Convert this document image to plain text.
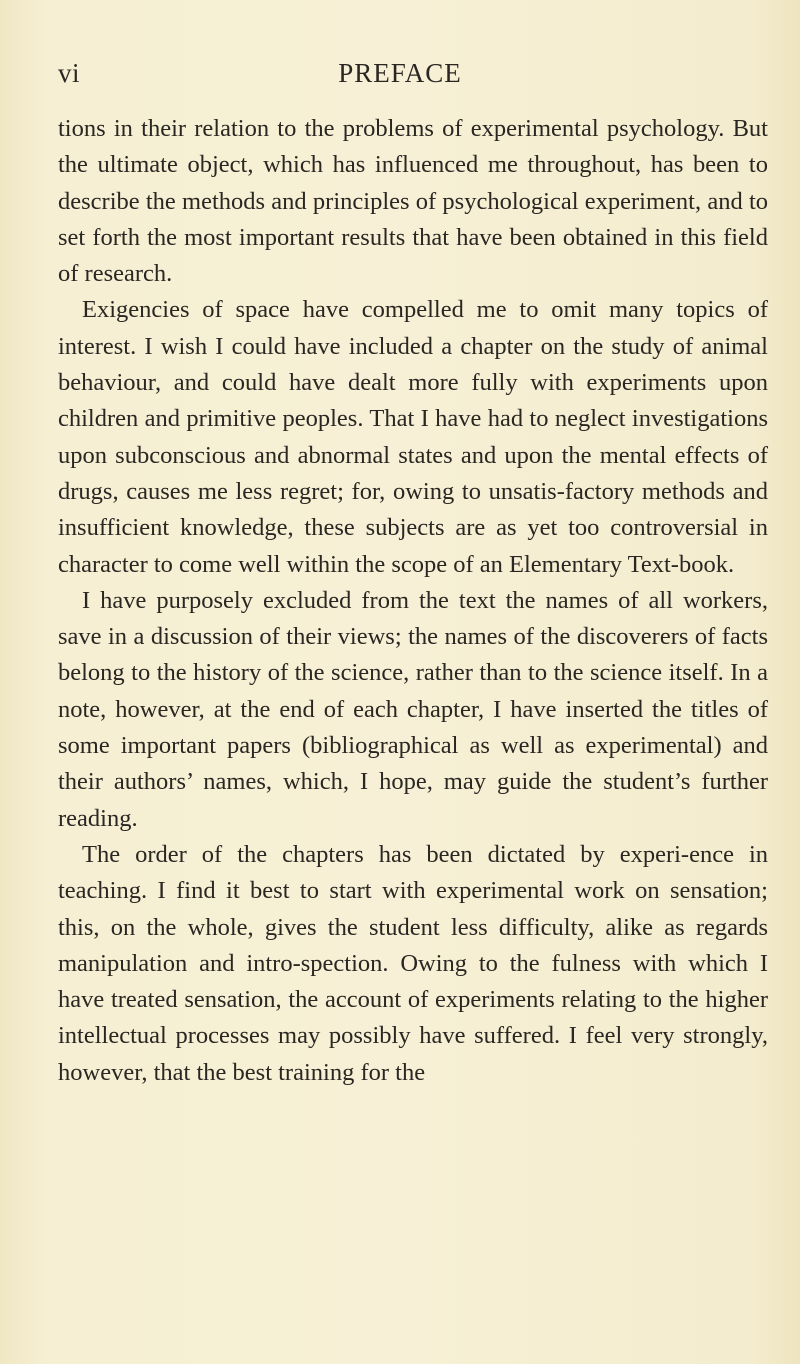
vi	PREFACE

tions in their relation to the problems of experimental psychology. But the ultimate object, which has influenced me throughout, has been to describe the methods and principles of psychological experiment, and to set forth the most important results that have been obtained in this field of research.

Exigencies of space have compelled me to omit many topics of interest. I wish I could have included a chapter on the study of animal behaviour, and could have dealt more fully with experiments upon children and primitive peoples. That I have had to neglect investigations upon subconscious and abnormal states and upon the mental effects of drugs, causes me less regret; for, owing to unsatis-factory methods and insufficient knowledge, these subjects are as yet too controversial in character to come well within the scope of an Elementary Text-book.

I have purposely excluded from the text the names of all workers, save in a discussion of their views; the names of the discoverers of facts belong to the history of the science, rather than to the science itself. In a note, however, at the end of each chapter, I have inserted the titles of some important papers (bibliographical as well as experimental) and their authors’ names, which, I hope, may guide the student’s further reading.

The order of the chapters has been dictated by experi-ence in teaching. I find it best to start with experimental work on sensation; this, on the whole, gives the student less difficulty, alike as regards manipulation and intro-spection. Owing to the fulness with which I have treated sensation, the account of experiments relating to the higher intellectual processes may possibly have suffered. I feel very strongly, however, that the best training for the
